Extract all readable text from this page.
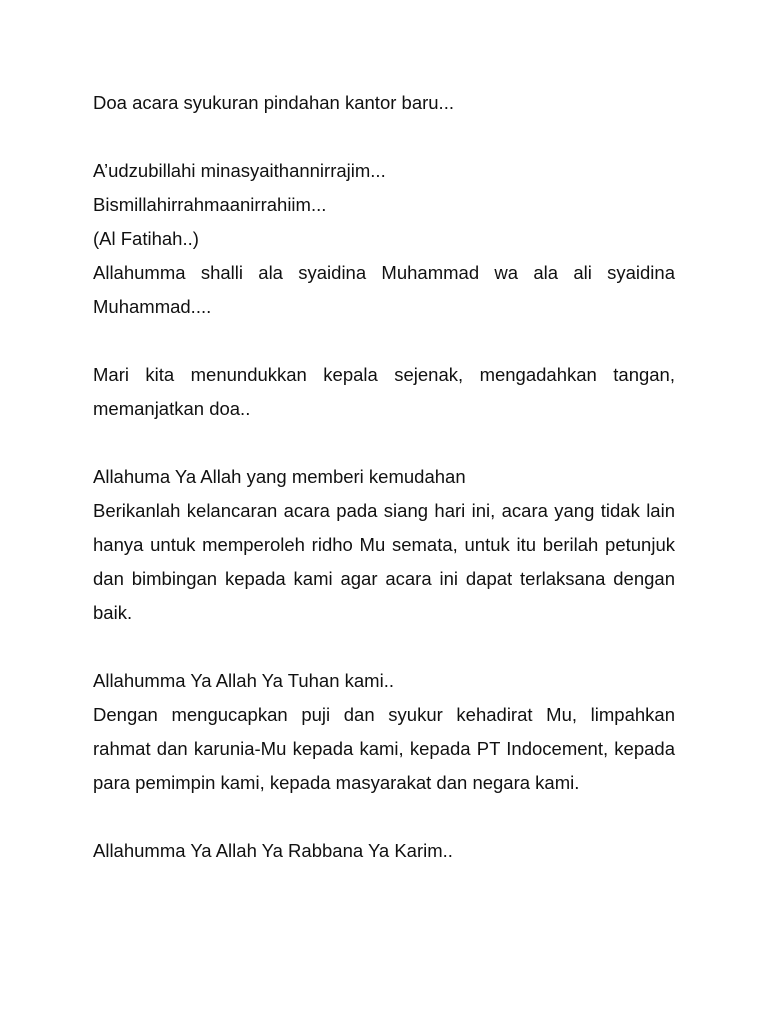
Doa acara syukuran pindahan kantor baru...

A’udzubillahi minasyaithannirrajim...

Bismillahirrahmaanirrahiim...

(Al Fatihah..)

Allahumma shalli ala syaidina Muhammad wa ala ali syaidina Muhammad....

Mari kita menundukkan kepala sejenak, mengadahkan tangan, memanjatkan doa..

Allahuma Ya Allah yang memberi kemudahan

Berikanlah kelancaran acara pada siang hari ini, acara yang tidak lain hanya untuk memperoleh ridho Mu semata, untuk itu berilah petunjuk dan bimbingan kepada kami agar acara ini dapat terlaksana dengan baik.

Allahumma Ya Allah Ya Tuhan kami..

Dengan mengucapkan puji dan syukur kehadirat Mu, limpahkan rahmat dan karunia-Mu kepada kami, kepada PT Indocement, kepada para pemimpin kami, kepada masyarakat dan negara kami.

Allahumma Ya Allah Ya Rabbana Ya Karim..
